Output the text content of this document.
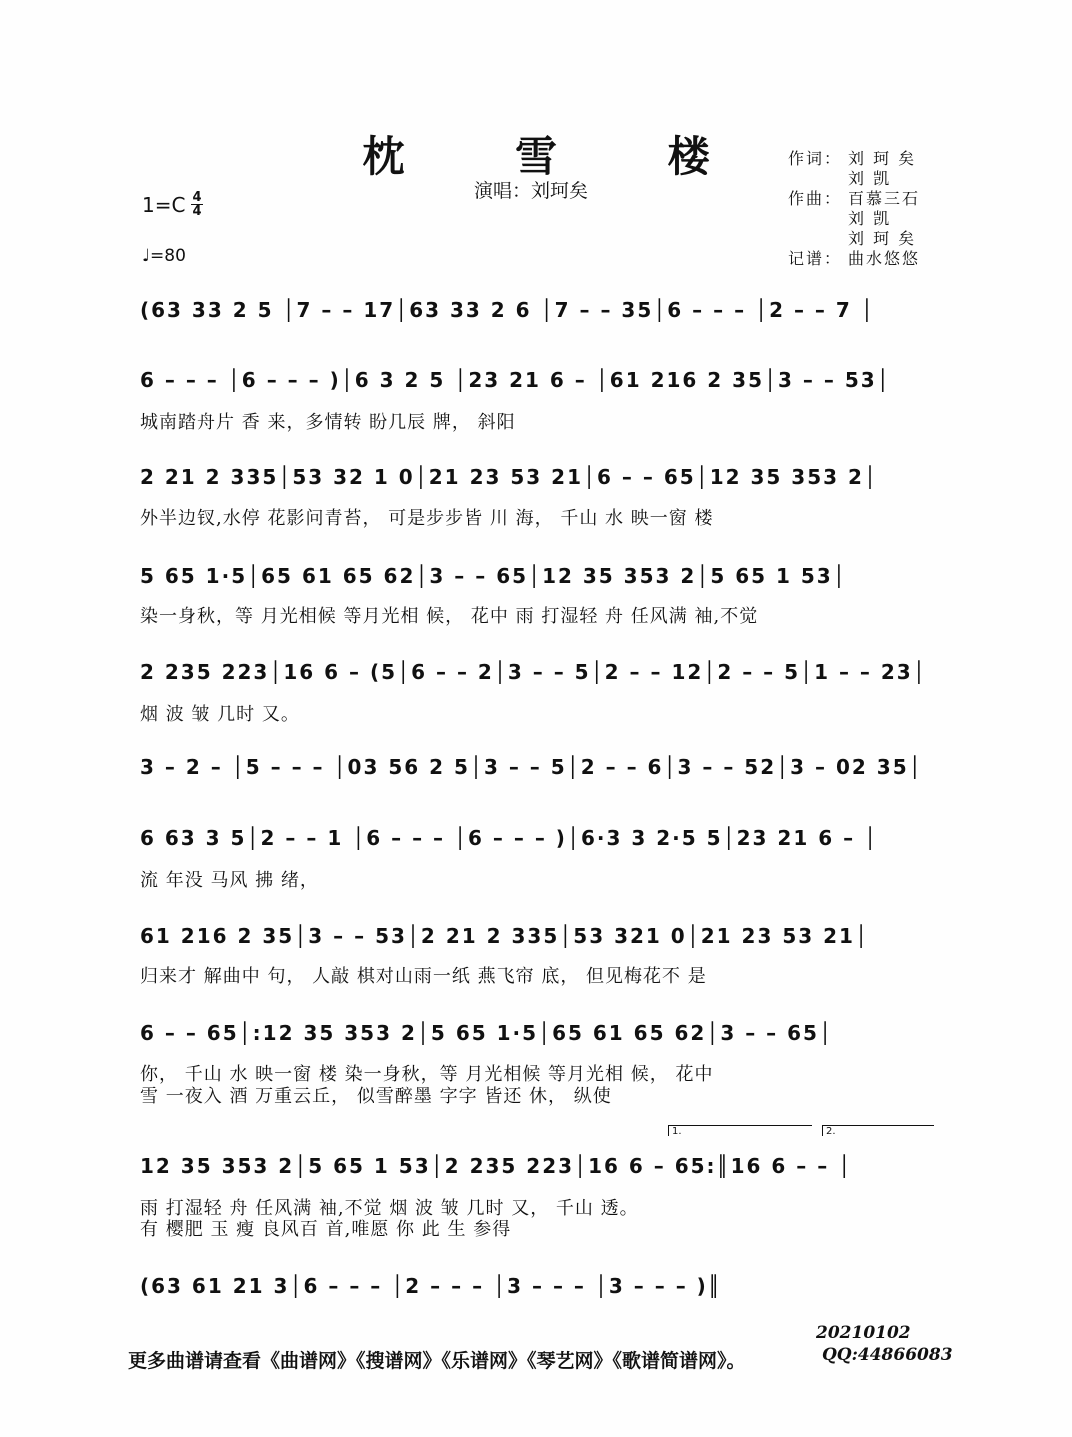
枕 雪 楼
演唱：刘珂矣
$1=C \frac{4}{4}$
♩=80
作词： 刘 珂 矣
刘 凯
作曲： 百慕三石
刘 凯
刘 珂 矣
记谱： 曲水悠悠
(63 33 2 5 │7 – – 17│63 33 2 6 │7 – – 35│6 – – – │2 – – 7 │
6 – – – │6 – – – )│6 3 2 5 │23 21 6 – │61 216 2 35│3 – – 53│
城南踏舟片 香 来，多情转 盼几辰 牌， 斜阳
2 21 2 335│53 32 1 0│21 23 53 21│6 – – 65│12 35 353 2│
外半边钗,水停 花影问青苔， 可是步步皆 川 海， 千山 水 映一窗 楼
5 65 1·5│65 61 65 62│3 – – 65│12 35 353 2│5 65 1 53│
染一身秋，等 月光相候 等月光相 候， 花中 雨 打湿轻 舟 任风满 袖,不觉
2 235 223│16 6 – (5│6 – – 2│3 – – 5│2 – – 12│2 – – 5│1 – – 23│
烟 波 皱 几时 又。
3 – 2 – │5 – – – │03 56 2 5│3 – – 5│2 – – 6│3 – – 52│3 – 02 35│
6 63 3 5│2 – – 1 │6 – – – │6 – – – )│6·3 3 2·5 5│23 21 6 – │
流 年没 马风 拂 绪，
61 216 2 35│3 – – 53│2 21 2 335│53 321 0│21 23 53 21│
归来才 解曲中 句， 人敲 棋对山雨一纸 燕飞帘 底， 但见梅花不 是
6 – – 65│:12 35 353 2│5 65 1·5│65 61 65 62│3 – – 65│
你， 千山 水 映一窗 楼 染一身秋，等 月光相候 等月光相 候， 花中
雪 一夜入 酒 万重云丘， 似雪醉墨 字字 皆还 休， 纵使
1.	2.
12 35 353 2│5 65 1 53│2 235 223│16 6 – 65:║16 6 – – │
雨 打湿轻 舟 任风满 袖,不觉 烟 波 皱 几时 又， 千山 透。
有 樱肥 玉 瘦 良风百 首,唯愿 你 此 生 参得
(63 61 21 3│6 – – – │2 – – – │3 – – – │3 – – – )║
20210102
更多曲谱请查看《曲谱网》《搜谱网》《乐谱网》《琴艺网》《歌谱简谱网》。	QQ:44866083
